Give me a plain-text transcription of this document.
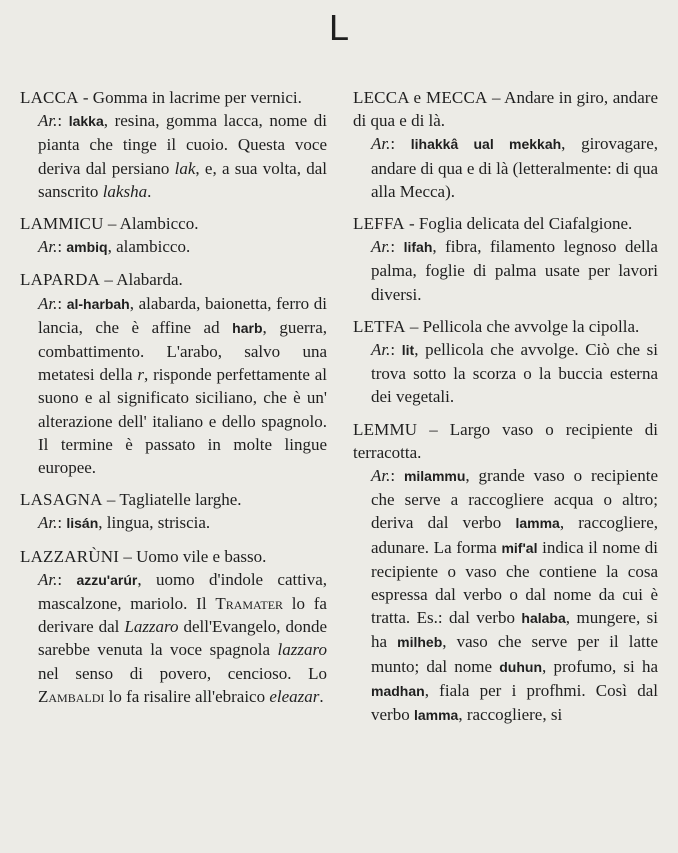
L

LACCA - Gomma in lacrime per vernici.

Ar.: lakka, resina, gomma lacca, nome di pianta che tinge il cuoio. Questa voce deriva dal persiano lak, e, a sua volta, dal sanscrito laksha.

LAMMICU – Alambicco.

Ar.: ambiq, alambicco.

LAPARDA – Alabarda.

Ar.: al-harbah, alabarda, baionetta, ferro di lancia, che è affine ad harb, guerra, combattimento. L'arabo, salvo una metatesi della r, risponde perfettamente al suono e al significato siciliano, che è un' alterazione dell' italiano e dello spagnolo. Il termine è passato in molte lingue europee.

LASAGNA – Tagliatelle larghe.

Ar.: lisán, lingua, striscia.

LAZZARÙNI – Uomo vile e basso.

Ar.: azzu'arúr, uomo d'indole cattiva, mascalzone, mariolo. Il Tramater lo fa derivare dal Lazzaro dell'Evangelo, donde sarebbe venuta la voce spagnola lazzaro nel senso di povero, cencioso. Lo Zambaldi lo fa risalire all'ebraico eleazar.

LECCA e MECCA – Andare in giro, andare di qua e di là.

Ar.: lihakkâ ual mekkah, girovagare, andare di qua e di là (letteralmente: di qua alla Mecca).

LEFFA - Foglia delicata del Ciafalgione.

Ar.: lifah, fibra, filamento legnoso della palma, foglie di palma usate per lavori diversi.

LETFA – Pellicola che avvolge la cipolla.

Ar.: lit, pellicola che avvolge. Ciò che si trova sotto la scorza o la buccia esterna dei vegetali.

LEMMU – Largo vaso o recipiente di terracotta.

Ar.: milammu, grande vaso o recipiente che serve a raccogliere acqua o altro; deriva dal verbo lamma, raccogliere, adunare. La forma mif'al indica il nome di recipiente o vaso che contiene la cosa espressa dal verbo o dal nome da cui è tratta. Es.: dal verbo halaba, mungere, si ha milheb, vaso che serve per il latte munto; dal nome duhun, profumo, si ha madhan, fiala per i profhmi. Così dal verbo lamma, raccogliere, si
